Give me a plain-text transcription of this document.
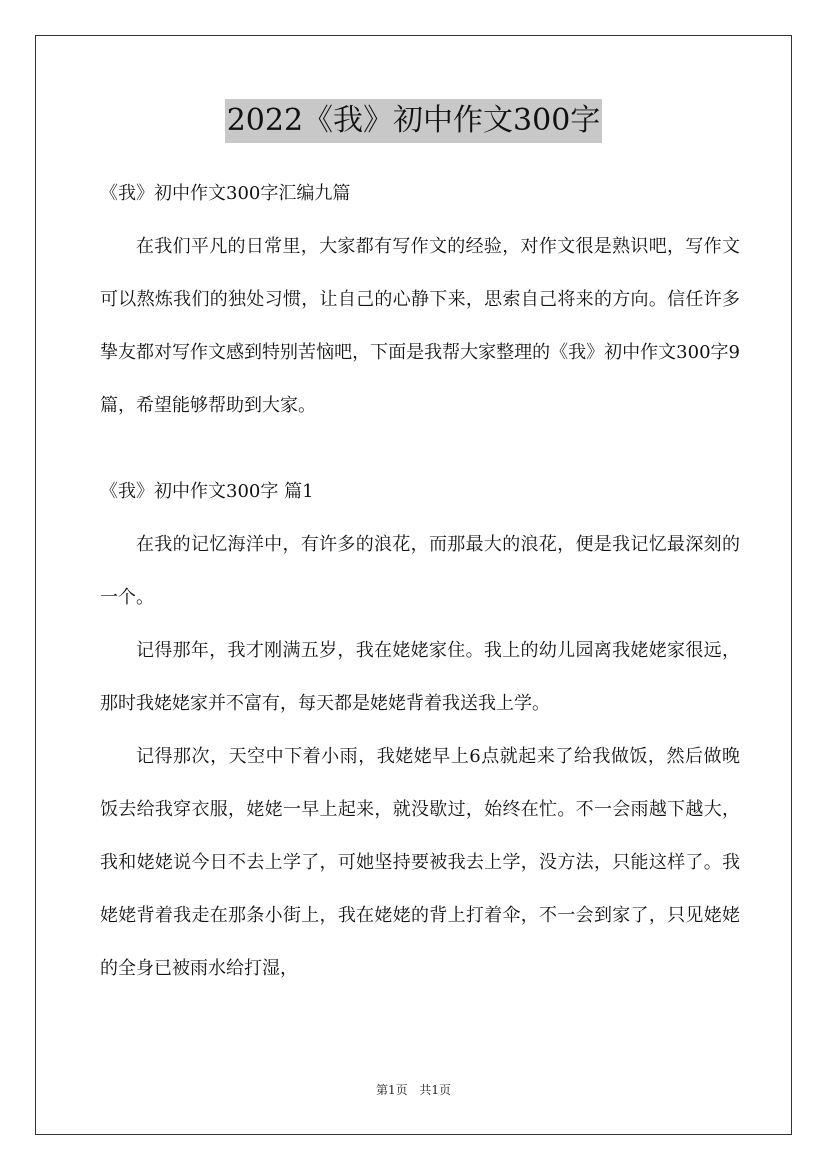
2022《我》初中作文300字

《我》初中作文300字汇编九篇

在我们平凡的日常里，大家都有写作文的经验，对作文很是熟识吧，写作文可以熬炼我们的独处习惯，让自己的心静下来，思索自己将来的方向。信任许多挚友都对写作文感到特别苦恼吧，下面是我帮大家整理的《我》初中作文300字9篇，希望能够帮助到大家。

《我》初中作文300字 篇1

在我的记忆海洋中，有许多的浪花，而那最大的浪花，便是我记忆最深刻的一个。

记得那年，我才刚满五岁，我在姥姥家住。我上的幼儿园离我姥姥家很远，那时我姥姥家并不富有，每天都是姥姥背着我送我上学。

记得那次，天空中下着小雨，我姥姥早上6点就起来了给我做饭，然后做晚饭去给我穿衣服，姥姥一早上起来，就没歇过，始终在忙。不一会雨越下越大，我和姥姥说今日不去上学了，可她坚持要被我去上学，没方法，只能这样了。我姥姥背着我走在那条小街上，我在姥姥的背上打着伞，不一会到家了，只见姥姥的全身已被雨水给打湿，

第1页 共1页
